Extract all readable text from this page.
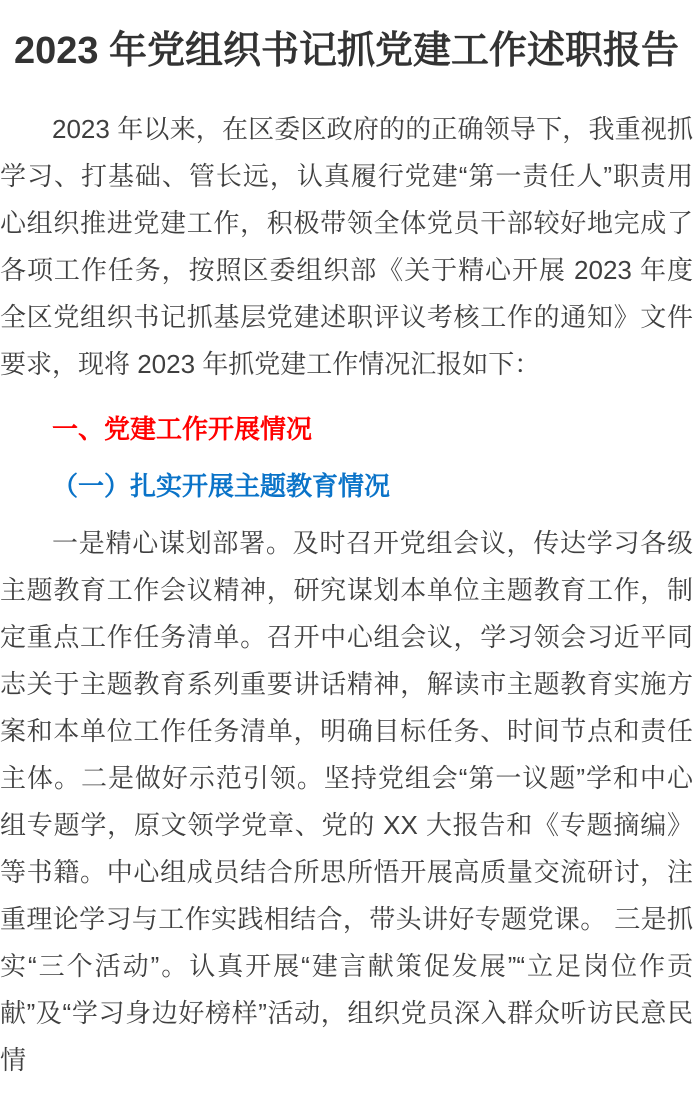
2023 年党组织书记抓党建工作述职报告

2023 年以来，在区委区政府的的正确领导下，我重视抓学习、打基础、管长远，认真履行党建“第一责任人”职责用心组织推进党建工作，积极带领全体党员干部较好地完成了各项工作任务，按照区委组织部《关于精心开展 2023 年度全区党组织书记抓基层党建述职评议考核工作的通知》文件要求，现将 2023 年抓党建工作情况汇报如下：

一、党建工作开展情况
（一）扎实开展主题教育情况

一是精心谋划部署。及时召开党组会议，传达学习各级主题教育工作会议精神，研究谋划本单位主题教育工作，制定重点工作任务清单。召开中心组会议，学习领会习近平同志关于主题教育系列重要讲话精神，解读市主题教育实施方案和本单位工作任务清单，明确目标任务、时间节点和责任主体。二是做好示范引领。坚持党组会“第一议题”学和中心组专题学，原文领学党章、党的 XX 大报告和《专题摘编》等书籍。中心组成员结合所思所悟开展高质量交流研讨，注重理论学习与工作实践相结合，带头讲好专题党课。 三是抓实“三个活动”。认真开展“建言献策促发展”“立足岗位作贡献”及“学习身边好榜样”活动，组织党员深入群众听访民意民情
